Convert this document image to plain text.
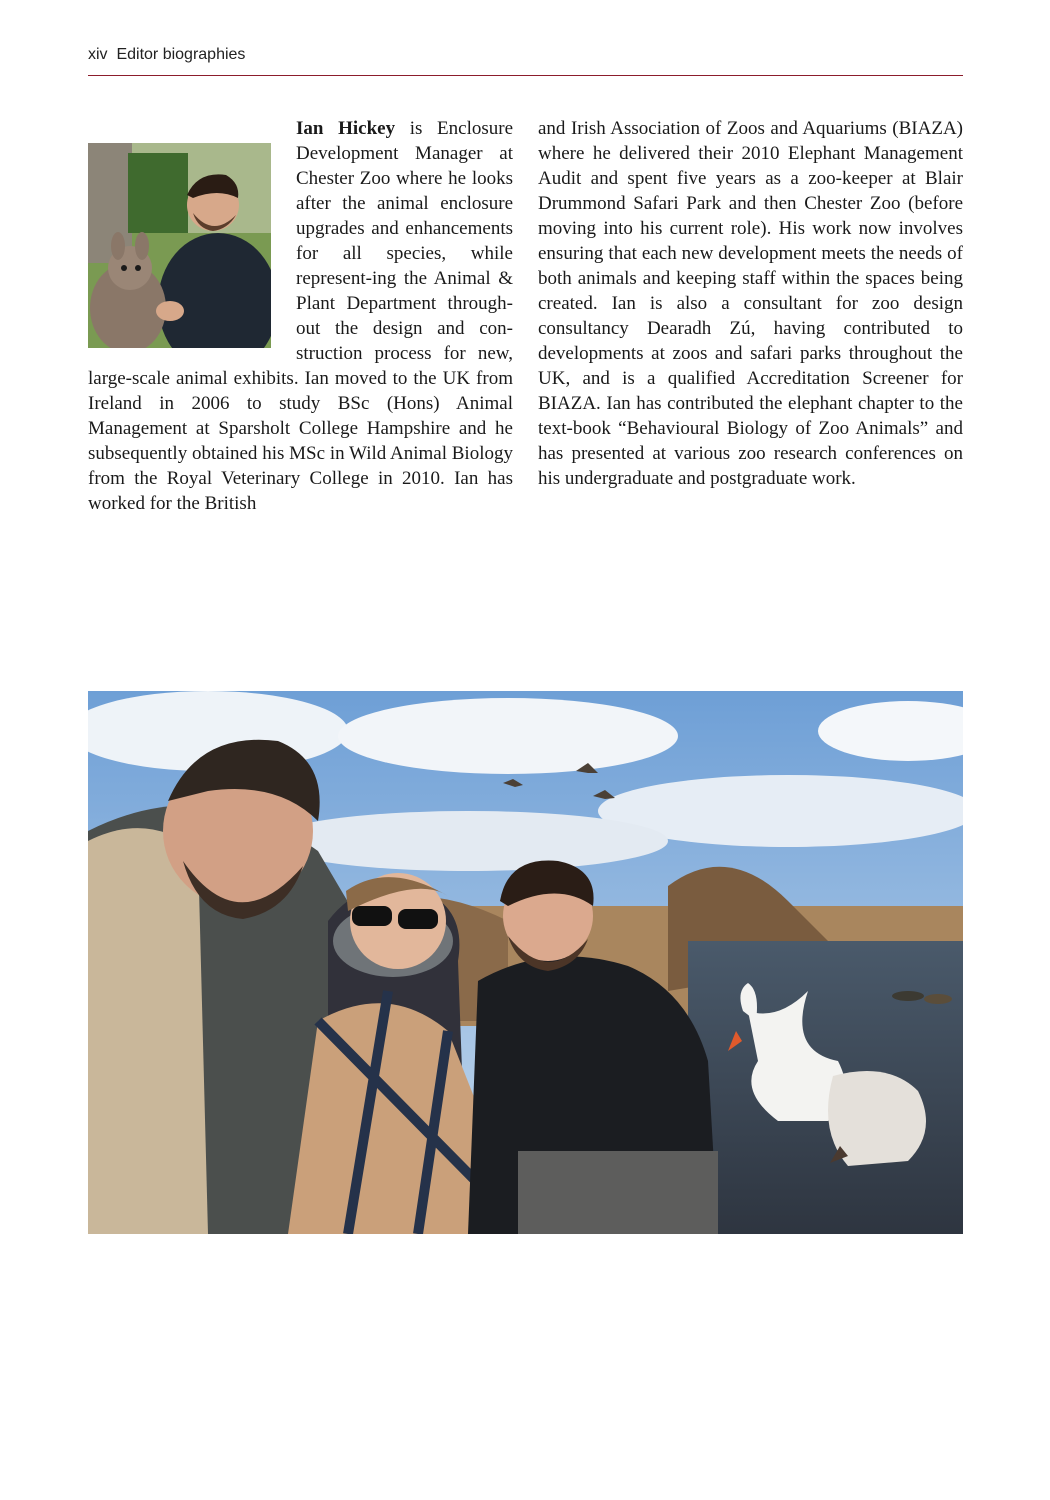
xiv Editor biographies

Ian Hickey is Enclosure Development Manager at Chester Zoo where he looks after the animal enclosure upgrades and enhancements for all species, while represent-ing the Animal & Plant Department through-out the design and con-struction process for new, large-scale animal exhibits. Ian moved to the UK from Ireland in 2006 to study BSc (Hons) Animal Management at Sparsholt College Hampshire and he subsequently obtained his MSc in Wild Animal Biology from the Royal Veterinary College in 2010. Ian has worked for the British

and Irish Association of Zoos and Aquariums (BIAZA) where he delivered their 2010 Elephant Management Audit and spent five years as a zoo-keeper at Blair Drummond Safari Park and then Chester Zoo (before moving into his current role). His work now involves ensuring that each new development meets the needs of both animals and keeping staff within the spaces being created. Ian is also a consultant for zoo design consultancy Dearadh Zú, having contributed to developments at zoos and safari parks throughout the UK, and is a qualified Accreditation Screener for BIAZA. Ian has contributed the elephant chapter to the text-book “Behavioural Biology of Zoo Animals” and has presented at various zoo research conferences on his undergraduate and postgraduate work.
